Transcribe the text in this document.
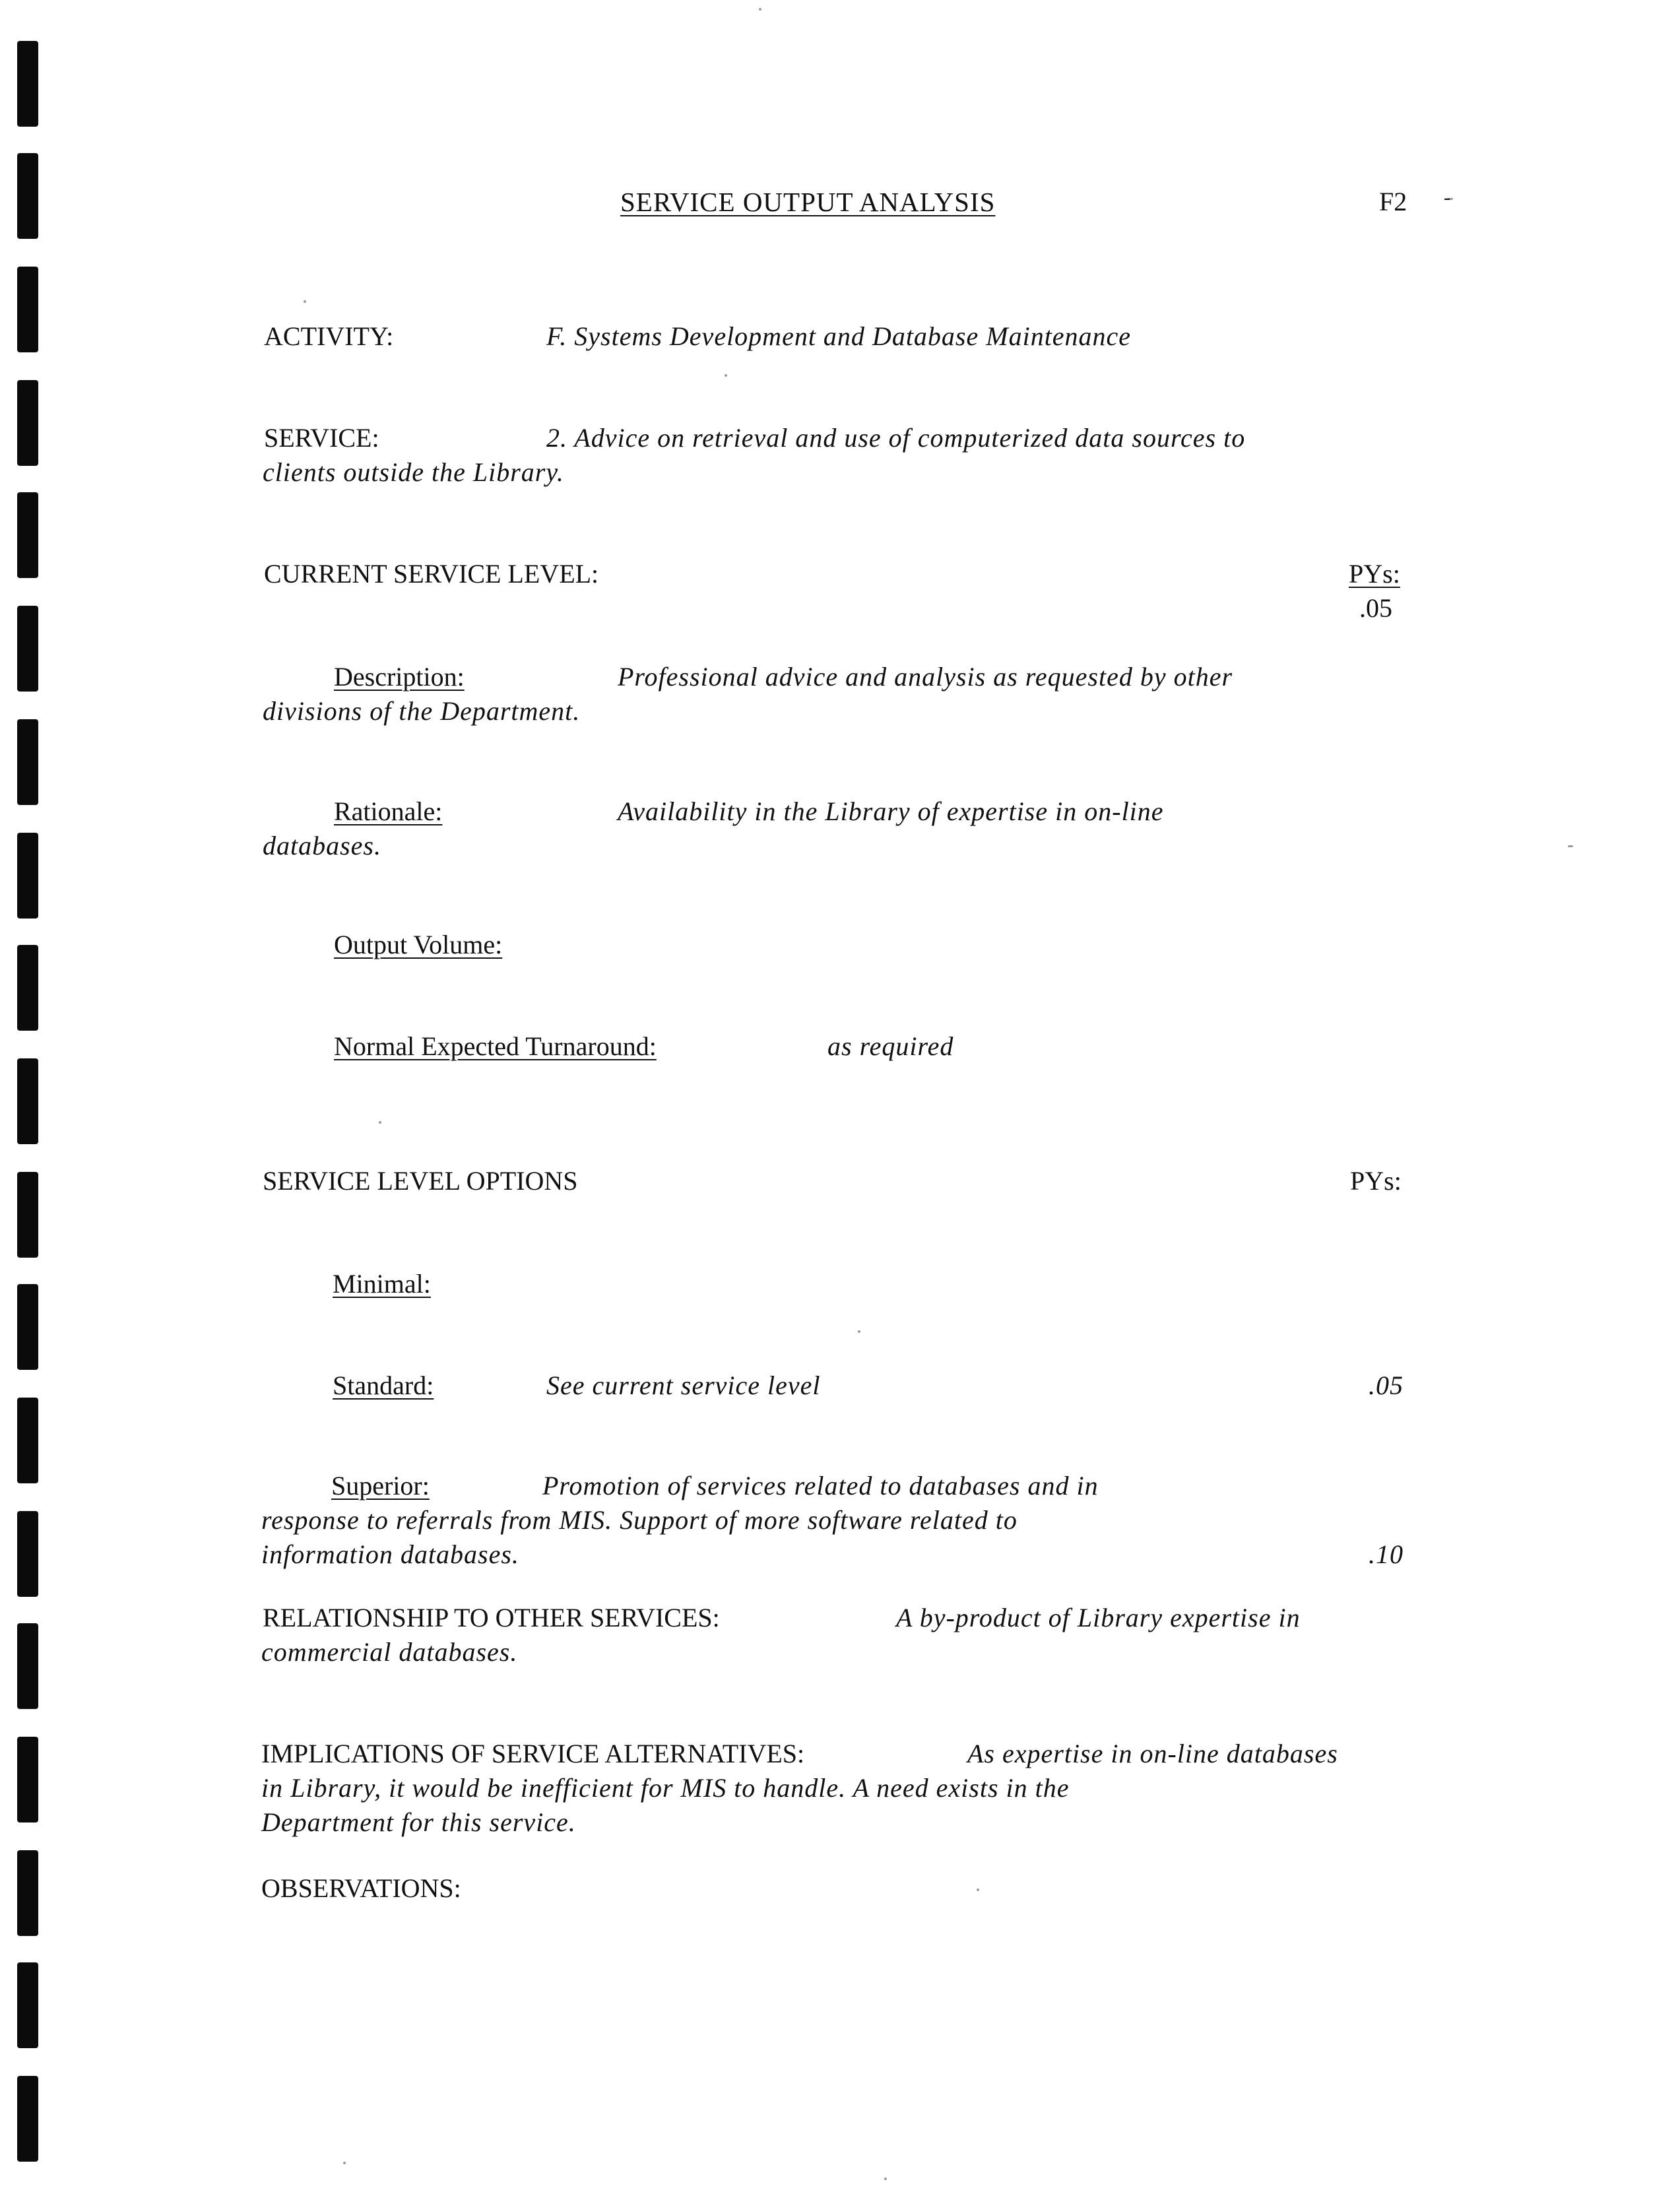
SERVICE OUTPUT ANALYSIS	F2 -
ACTIVITY:	F. Systems Development and Database Maintenance
SERVICE:	2. Advice on retrieval and use of computerized data sources to
clients outside the Library.
CURRENT SERVICE LEVEL:	PYs:
.05
Description:	Professional advice and analysis as requested by other
divisions of the Department.
Rationale:	Availability in the Library of expertise in on-line
databases.
Output Volume:
Normal Expected Turnaround:	as required
SERVICE LEVEL OPTIONS	PYs:
Minimal:
Standard:	See current service level	.05
Superior:	Promotion of services related to databases and in
response to referrals from MIS. Support of more software related to
information databases.	.10
RELATIONSHIP TO OTHER SERVICES:	A by-product of Library expertise in
commercial databases.
IMPLICATIONS OF SERVICE ALTERNATIVES:	As expertise in on-line databases
in Library, it would be inefficient for MIS to handle. A need exists in the
Department for this service.
OBSERVATIONS:
